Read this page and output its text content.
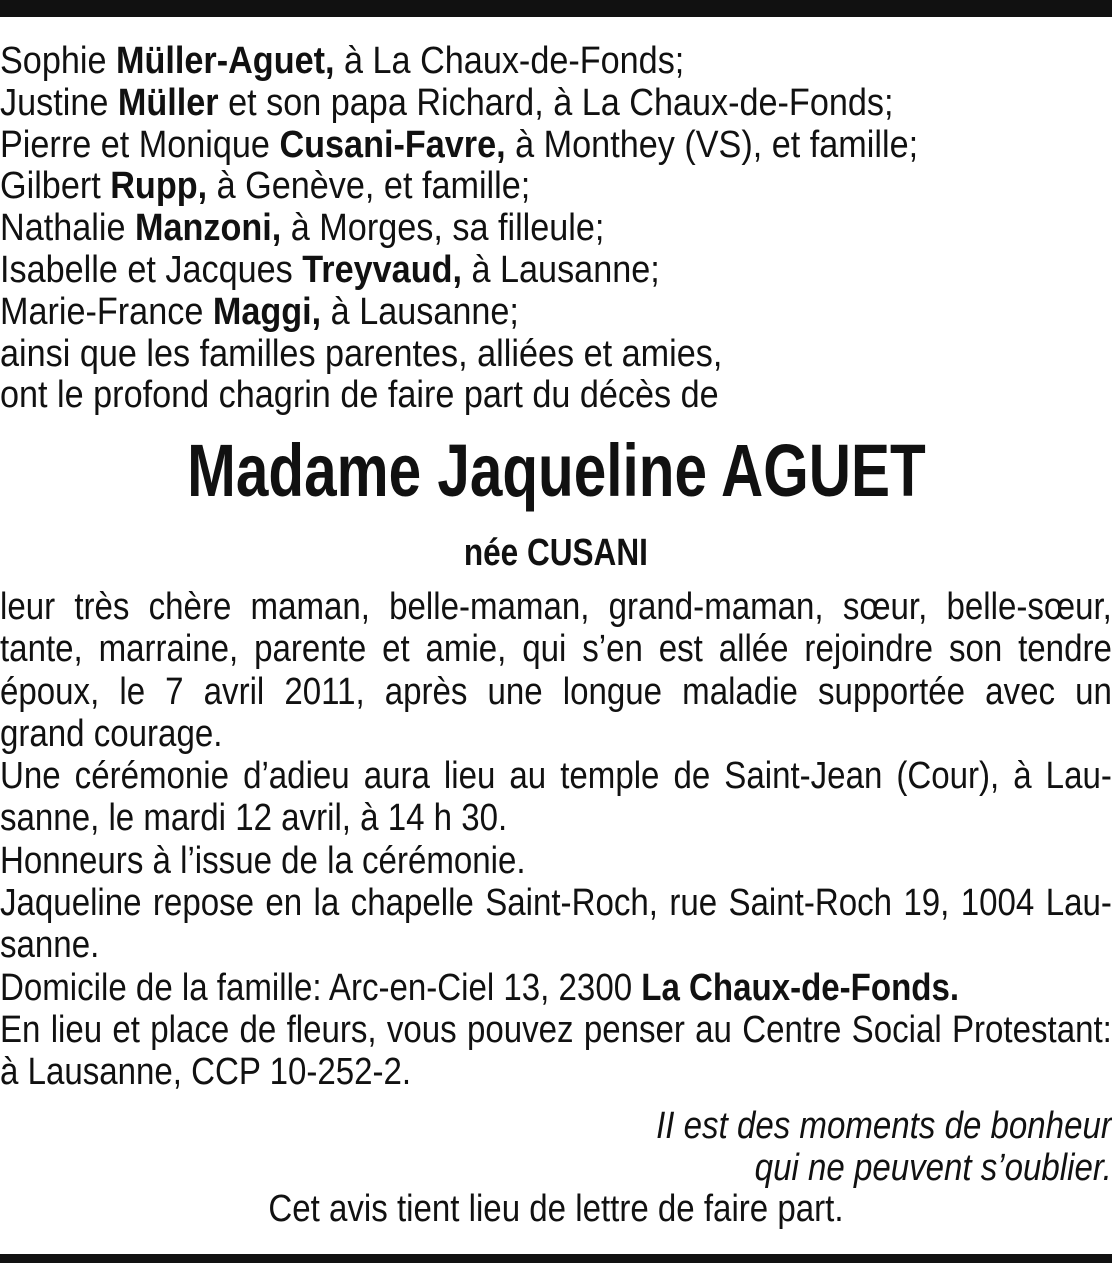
Sophie Müller-Aguet, à La Chaux-de-Fonds;
Justine Müller et son papa Richard, à La Chaux-de-Fonds;
Pierre et Monique Cusani-Favre, à Monthey (VS), et famille;
Gilbert Rupp, à Genève, et famille;
Nathalie Manzoni, à Morges, sa filleule;
Isabelle et Jacques Treyvaud, à Lausanne;
Marie-France Maggi, à Lausanne;
ainsi que les familles parentes, alliées et amies,
ont le profond chagrin de faire part du décès de
Madame Jaqueline AGUET
née CUSANI
leur très chère maman, belle-maman, grand-maman, sœur, belle-sœur,
tante, marraine, parente et amie, qui s’en est allée rejoindre son tendre
époux, le 7 avril 2011, après une longue maladie supportée avec un
grand courage.
Une cérémonie d’adieu aura lieu au temple de Saint-Jean (Cour), à Lau-
sanne, le mardi 12 avril, à 14 h 30.
Honneurs à l’issue de la cérémonie.
Jaqueline repose en la chapelle Saint-Roch, rue Saint-Roch 19, 1004 Lau-
sanne.
Domicile de la famille: Arc-en-Ciel 13, 2300 La Chaux-de-Fonds.
En lieu et place de fleurs, vous pouvez penser au Centre Social Protestant:
à Lausanne, CCP 10-252-2.
II est des moments de bonheur
qui ne peuvent s’oublier.
Cet avis tient lieu de lettre de faire part.
